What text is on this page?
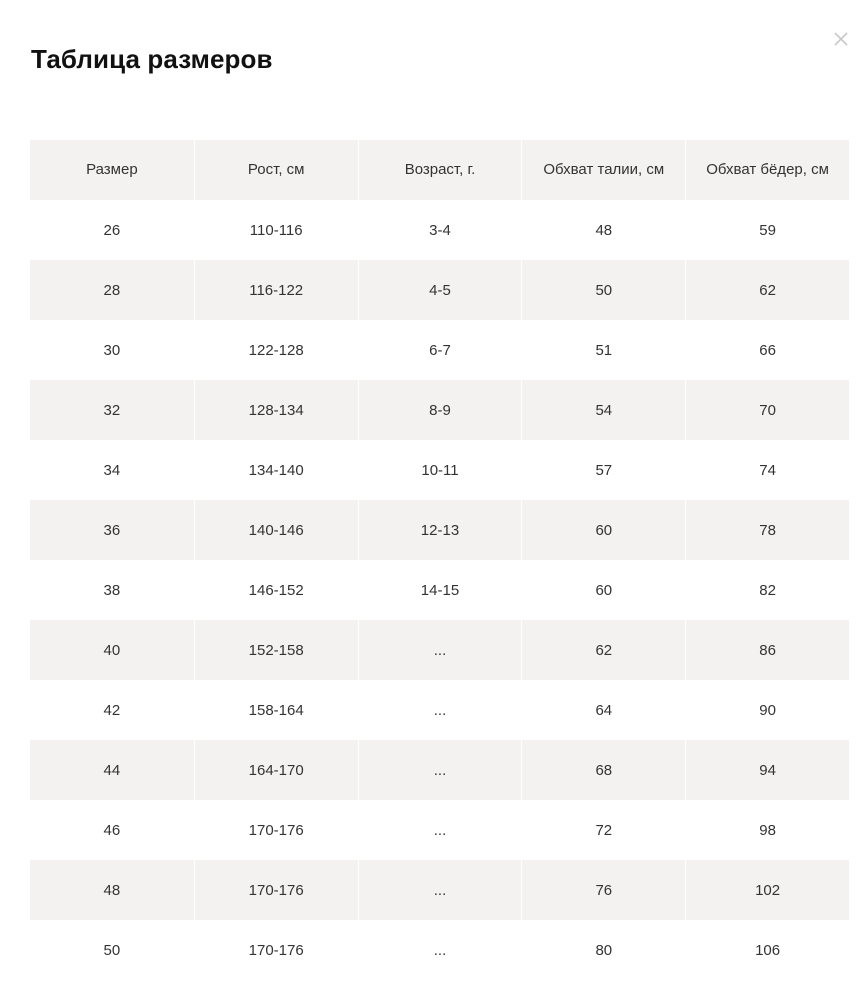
Таблица размеров
Размер	Рост, см	Возраст, г.	Обхват талии, см	Обхват бёдер, см
26	110-116	3-4	48	59
28	116-122	4-5	50	62
30	122-128	6-7	51	66
32	128-134	8-9	54	70
34	134-140	10-11	57	74
36	140-146	12-13	60	78
38	146-152	14-15	60	82
40	152-158	...	62	86
42	158-164	...	64	90
44	164-170	...	68	94
46	170-176	...	72	98
48	170-176	...	76	102
50	170-176	...	80	106
